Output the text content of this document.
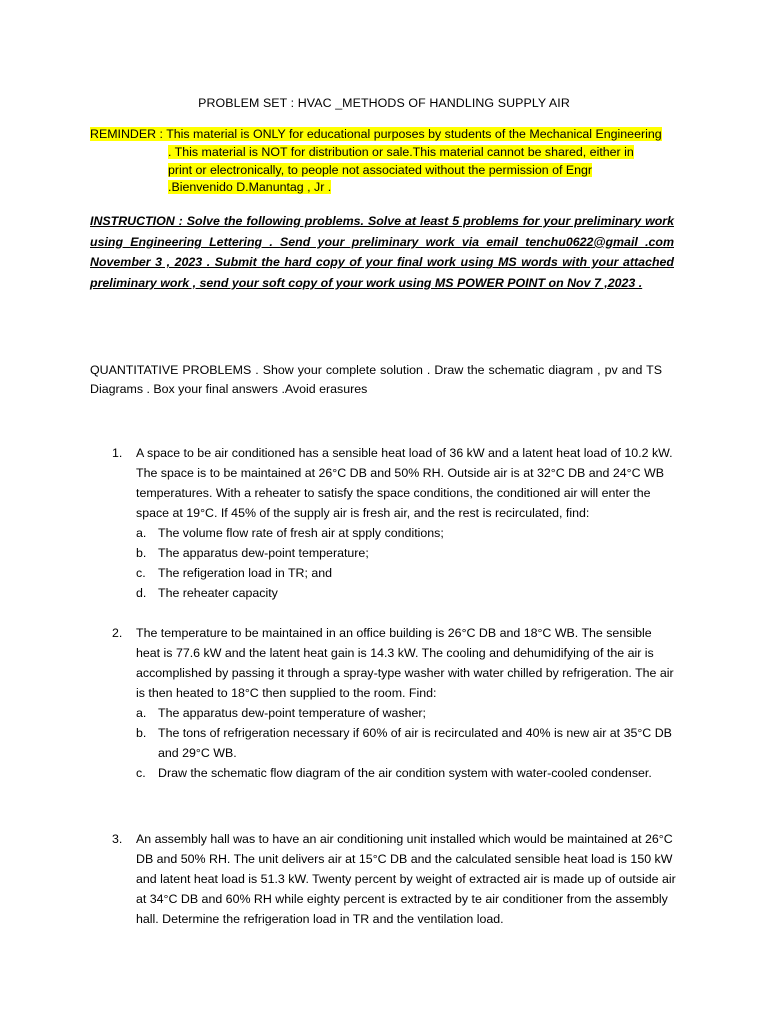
PROBLEM SET : HVAC _METHODS OF HANDLING SUPPLY AIR
REMINDER : This material is ONLY for educational purposes by students of the Mechanical Engineering
. This material is NOT for distribution or sale.This material cannot be shared, either in
print or electronically, to people not associated without the permission of Engr
.Bienvenido D.Manuntag , Jr .
INSTRUCTION : Solve the following problems. Solve at least 5 problems for your preliminary work using Engineering Lettering . Send your preliminary work via email tenchu0622@gmail .com November 3 , 2023 . Submit the hard copy of your final work using MS words with your attached preliminary work , send your soft copy of your work using MS POWER POINT on Nov 7 ,2023 .
QUANTITATIVE PROBLEMS . Show your complete solution . Draw the schematic diagram , pv and TS Diagrams . Box your final answers .Avoid erasures
1. A space to be air conditioned has a sensible heat load of 36 kW and a latent heat load of 10.2 kW. The space is to be maintained at 26°C DB and 50% RH. Outside air is at 32°C DB and 24°C WB temperatures. With a reheater to satisfy the space conditions, the conditioned air will enter the space at 19°C. If 45% of the supply air is fresh air, and the rest is recirculated, find:
a. The volume flow rate of fresh air at spply conditions;
b. The apparatus dew-point temperature;
c. The refigeration load in TR; and
d. The reheater capacity
2. The temperature to be maintained in an office building is 26°C DB and 18°C WB. The sensible heat is 77.6 kW and the latent heat gain is 14.3 kW. The cooling and dehumidifying of the air is accomplished by passing it through a spray-type washer with water chilled by refrigeration. The air is then heated to 18°C then supplied to the room. Find:
a. The apparatus dew-point temperature of washer;
b. The tons of refrigeration necessary if 60% of air is recirculated and 40% is new air at 35°C DB and 29°C WB.
c. Draw the schematic flow diagram of the air condition system with water-cooled condenser.
3. An assembly hall was to have an air conditioning unit installed which would be maintained at 26°C DB and 50% RH. The unit delivers air at 15°C DB and the calculated sensible heat load is 150 kW and latent heat load is 51.3 kW. Twenty percent by weight of extracted air is made up of outside air at 34°C DB and 60% RH while eighty percent is extracted by te air conditioner from the assembly hall. Determine the refrigeration load in TR and the ventilation load.
